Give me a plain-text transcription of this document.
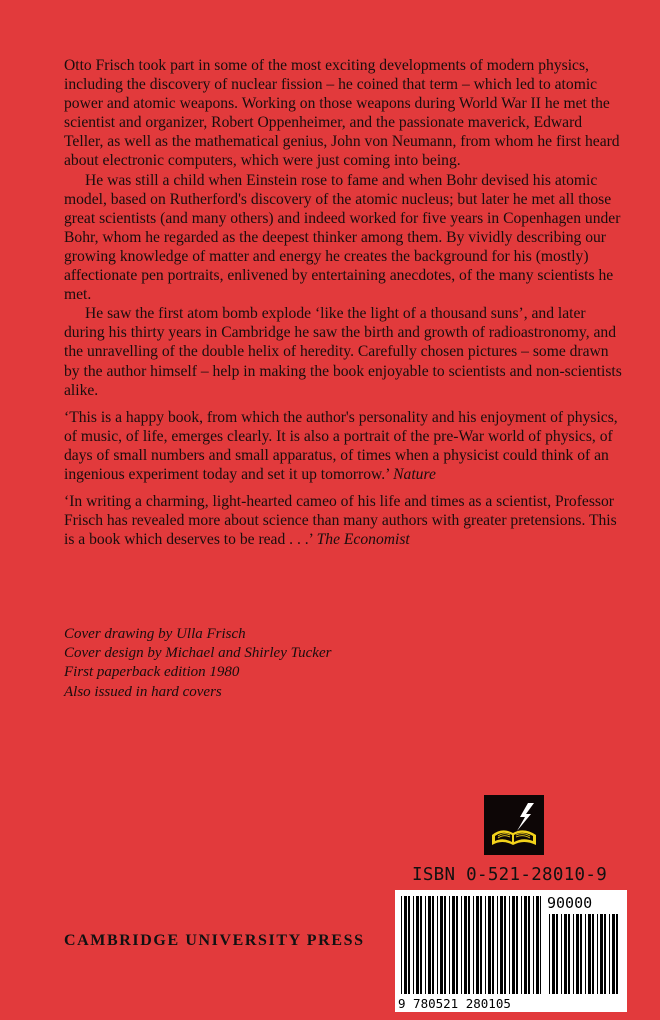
Otto Frisch took part in some of the most exciting developments of modern physics, including the discovery of nuclear fission – he coined that term – which led to atomic power and atomic weapons. Working on those weapons during World War II he met the scientist and organizer, Robert Oppenheimer, and the passionate maverick, Edward Teller, as well as the mathematical genius, John von Neumann, from whom he first heard about electronic computers, which were just coming into being.

He was still a child when Einstein rose to fame and when Bohr devised his atomic model, based on Rutherford's discovery of the atomic nucleus; but later he met all those great scientists (and many others) and indeed worked for five years in Copenhagen under Bohr, whom he regarded as the deepest thinker among them. By vividly describing our growing knowledge of matter and energy he creates the background for his (mostly) affectionate pen portraits, enlivened by entertaining anecdotes, of the many scientists he met.

He saw the first atom bomb explode ‘like the light of a thousand suns’, and later during his thirty years in Cambridge he saw the birth and growth of radioastronomy, and the unravelling of the double helix of heredity. Carefully chosen pictures – some drawn by the author himself – help in making the book enjoyable to scientists and non-scientists alike.

‘This is a happy book, from which the author's personality and his enjoyment of physics, of music, of life, emerges clearly. It is also a portrait of the pre-War world of physics, of days of small numbers and small apparatus, of times when a physicist could think of an ingenious experiment today and set it up tomorrow.’ Nature

‘In writing a charming, light-hearted cameo of his life and times as a scientist, Professor Frisch has revealed more about science than many authors with greater pretensions. This is a book which deserves to be read . . .’ The Economist

Cover drawing by Ulla Frisch
Cover design by Michael and Shirley Tucker
First paperback edition 1980
Also issued in hard covers
ISBN 0-521-28010-9
90000
9 780521 280105
CAMBRIDGE UNIVERSITY PRESS
